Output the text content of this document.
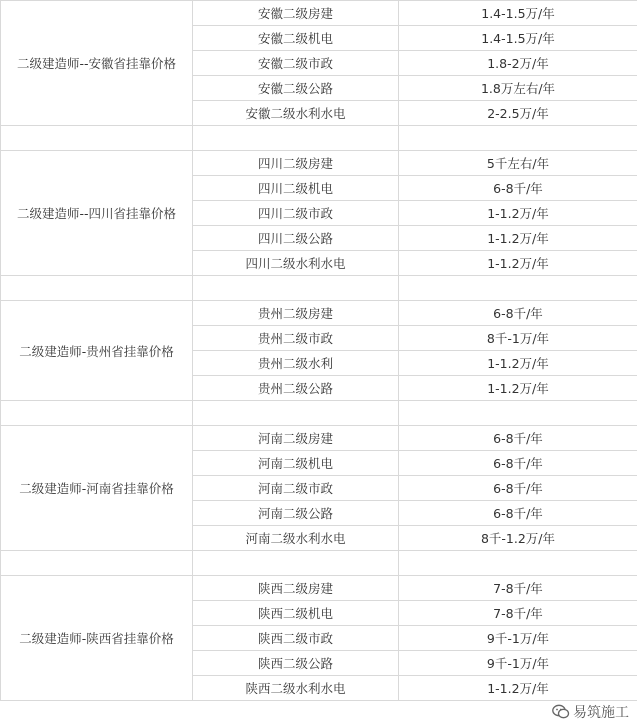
二级建造师--安徽省挂靠价格	安徽二级房建	1.4-1.5万/年
	安徽二级机电	1.4-1.5万/年
	安徽二级市政	1.8-2万/年
	安徽二级公路	1.8万左右/年
	安徽二级水利水电	2-2.5万/年

二级建造师--四川省挂靠价格	四川二级房建	5千左右/年
	四川二级机电	6-8千/年
	四川二级市政	1-1.2万/年
	四川二级公路	1-1.2万/年
	四川二级水利水电	1-1.2万/年

二级建造师-贵州省挂靠价格	贵州二级房建	6-8千/年
	贵州二级市政	8千-1万/年
	贵州二级水利	1-1.2万/年
	贵州二级公路	1-1.2万/年

二级建造师-河南省挂靠价格	河南二级房建	6-8千/年
	河南二级机电	6-8千/年
	河南二级市政	6-8千/年
	河南二级公路	6-8千/年
	河南二级水利水电	8千-1.2万/年

二级建造师-陕西省挂靠价格	陕西二级房建	7-8千/年
	陕西二级机电	7-8千/年
	陕西二级市政	9千-1万/年
	陕西二级公路	9千-1万/年
	陕西二级水利水电	1-1.2万/年
易筑施工
